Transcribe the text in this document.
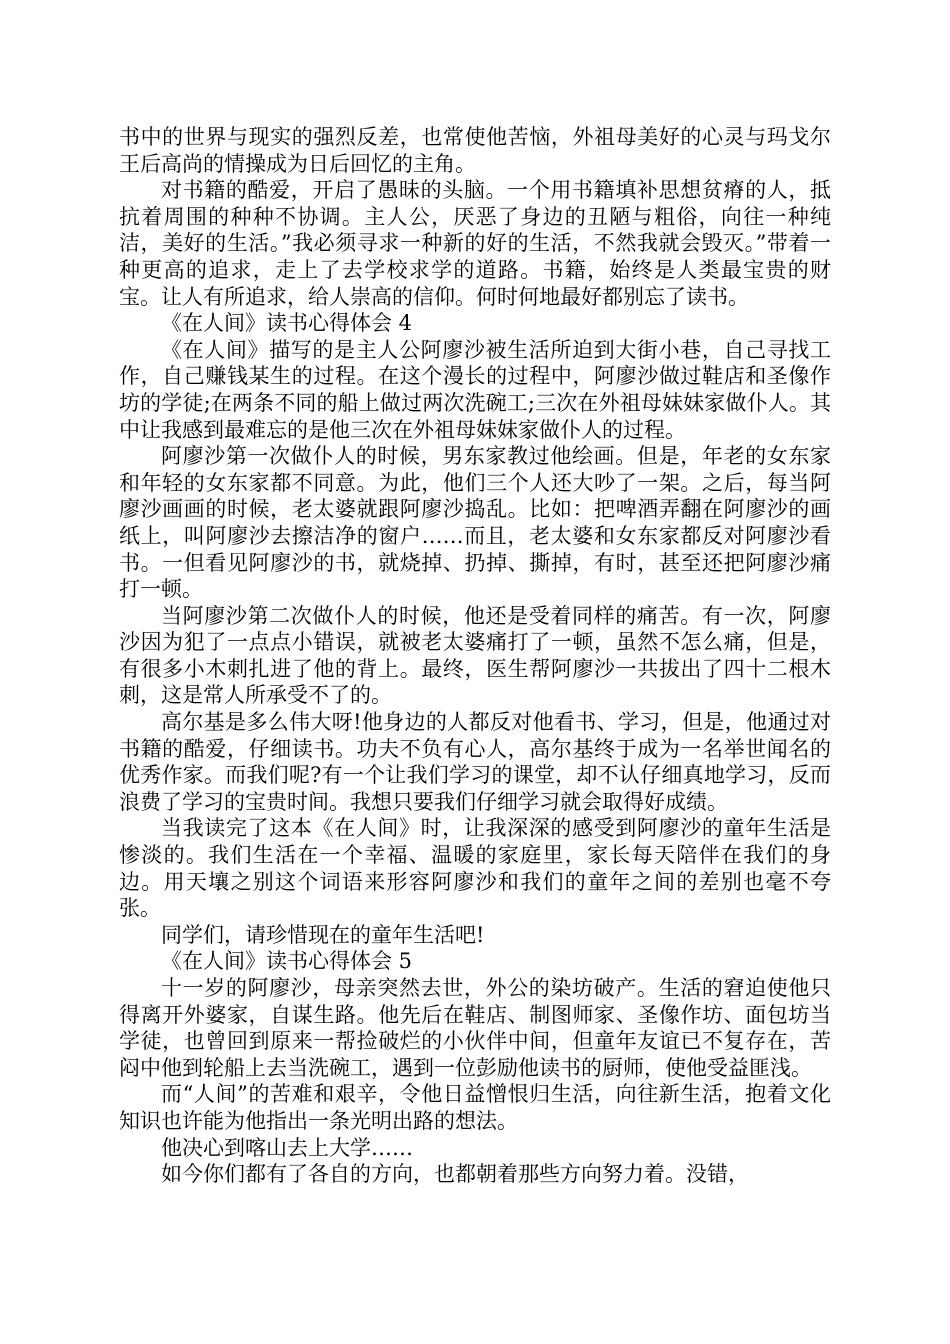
书中的世界与现实的强烈反差，也常使他苦恼，外祖母美好的心灵与玛戈尔王后高尚的情操成为日后回忆的主角。

对书籍的酷爱，开启了愚昧的头脑。一个用书籍填补思想贫瘠的人，抵抗着周围的种种不协调。主人公，厌恶了身边的丑陋与粗俗，向往一种纯洁，美好的生活。”我必须寻求一种新的好的生活，不然我就会毁灭。”带着一种更高的追求，走上了去学校求学的道路。书籍，始终是人类最宝贵的财宝。让人有所追求，给人崇高的信仰。何时何地最好都别忘了读书。

《在人间》读书心得体会 4

《在人间》描写的是主人公阿廖沙被生活所迫到大街小巷，自己寻找工作，自己赚钱某生的过程。在这个漫长的过程中，阿廖沙做过鞋店和圣像作坊的学徒;在两条不同的船上做过两次洗碗工;三次在外祖母妹妹家做仆人。其中让我感到最难忘的是他三次在外祖母妹妹家做仆人的过程。

阿廖沙第一次做仆人的时候，男东家教过他绘画。但是，年老的女东家和年轻的女东家都不同意。为此，他们三个人还大吵了一架。之后，每当阿廖沙画画的时候，老太婆就跟阿廖沙捣乱。比如：把啤酒弄翻在阿廖沙的画纸上，叫阿廖沙去擦洁净的窗户……而且，老太婆和女东家都反对阿廖沙看书。一但看见阿廖沙的书，就烧掉、扔掉、撕掉，有时，甚至还把阿廖沙痛打一顿。

当阿廖沙第二次做仆人的时候，他还是受着同样的痛苦。有一次，阿廖沙因为犯了一点点小错误，就被老太婆痛打了一顿，虽然不怎么痛，但是，有很多小木刺扎进了他的背上。最终，医生帮阿廖沙一共拔出了四十二根木刺，这是常人所承受不了的。

高尔基是多么伟大呀!他身边的人都反对他看书、学习，但是，他通过对书籍的酷爱，仔细读书。功夫不负有心人，高尔基终于成为一名举世闻名的优秀作家。而我们呢?有一个让我们学习的课堂，却不认仔细真地学习，反而浪费了学习的宝贵时间。我想只要我们仔细学习就会取得好成绩。

当我读完了这本《在人间》时，让我深深的感受到阿廖沙的童年生活是惨淡的。我们生活在一个幸福、温暖的家庭里，家长每天陪伴在我们的身边。用天壤之别这个词语来形容阿廖沙和我们的童年之间的差别也毫不夸张。

同学们，请珍惜现在的童年生活吧!

《在人间》读书心得体会 5

十一岁的阿廖沙，母亲突然去世，外公的染坊破产。生活的窘迫使他只得离开外婆家，自谋生路。他先后在鞋店、制图师家、圣像作坊、面包坊当学徒，也曾回到原来一帮捡破烂的小伙伴中间，但童年友谊已不复存在，苦闷中他到轮船上去当洗碗工，遇到一位彭励他读书的厨师，使他受益匪浅。

而“人间”的苦难和艰辛，令他日益憎恨归生活，向往新生活，抱着文化知识也许能为他指出一条光明出路的想法。

他决心到喀山去上大学……

如今你们都有了各自的方向，也都朝着那些方向努力着。没错，
